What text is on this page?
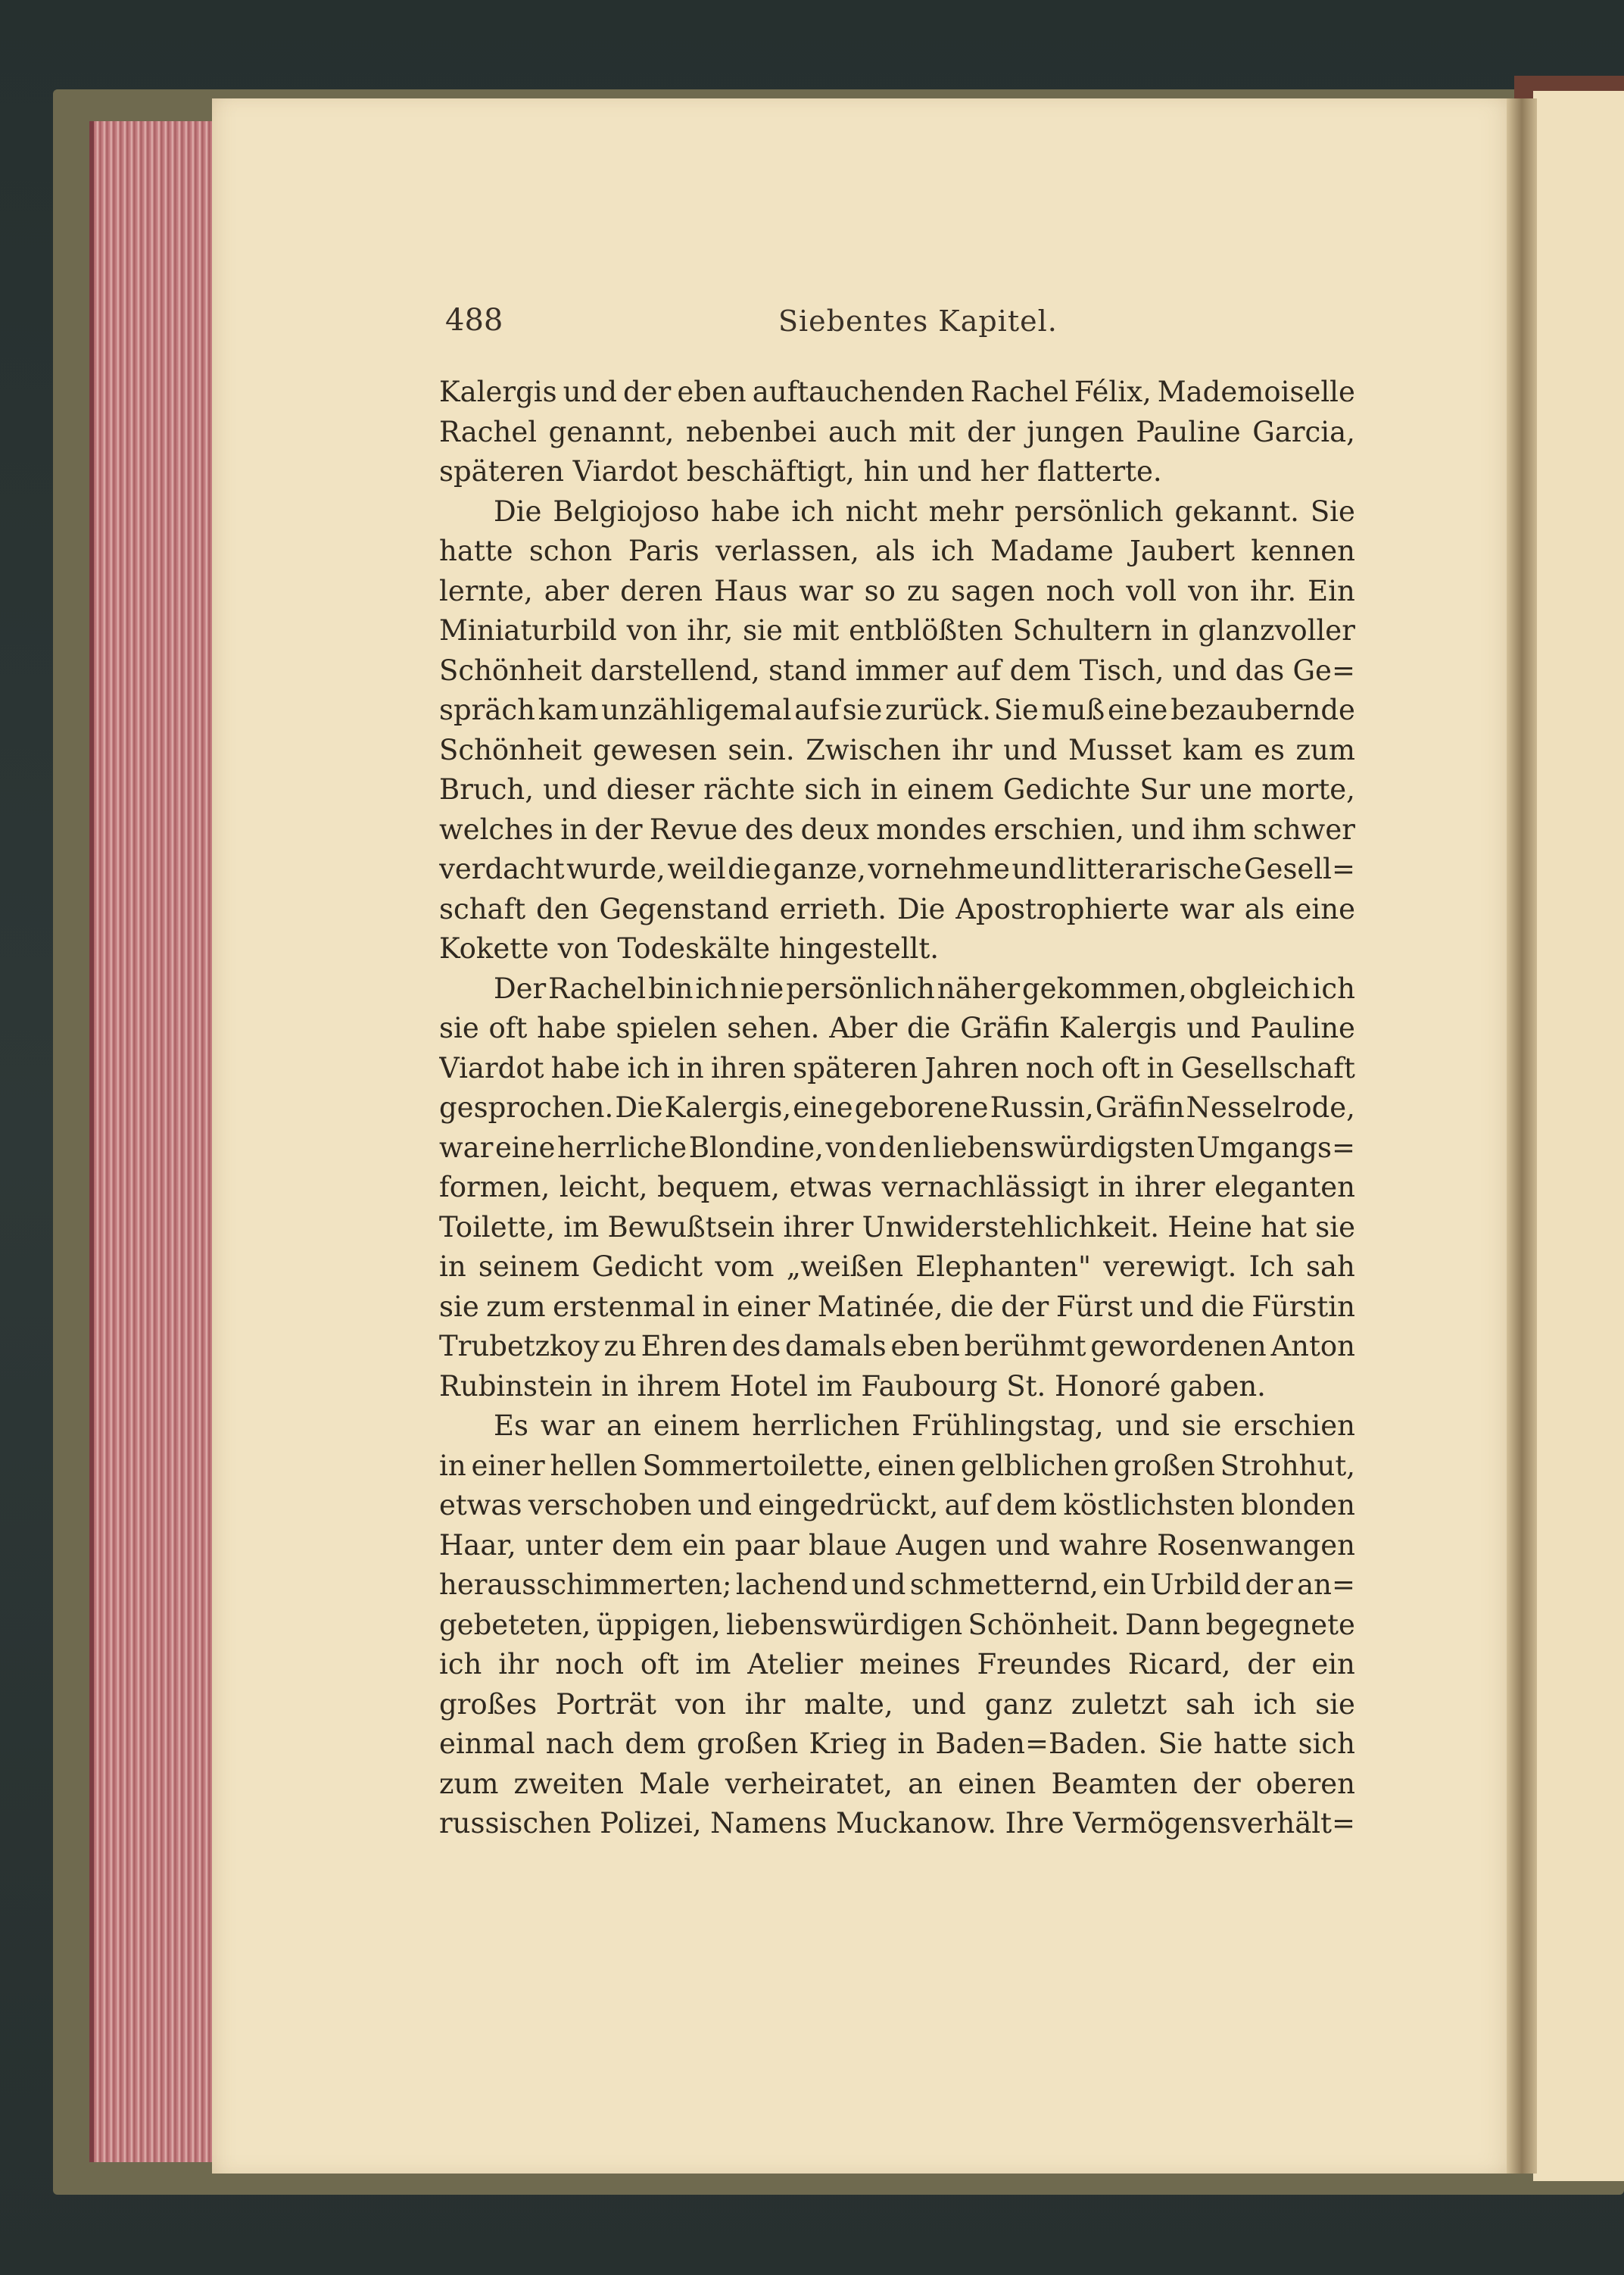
488	Siebentes Kapitel.
Kalergis und der eben auftauchenden Rachel Félix, Mademoiselle
Rachel genannt, nebenbei auch mit der jungen Pauline Garcia,
späteren Viardot beschäftigt, hin und her flatterte.
Die Belgiojoso habe ich nicht mehr persönlich gekannt. Sie
hatte schon Paris verlassen, als ich Madame Jaubert kennen
lernte, aber deren Haus war so zu sagen noch voll von ihr. Ein
Miniaturbild von ihr, sie mit entblößten Schultern in glanzvoller
Schönheit darstellend, stand immer auf dem Tisch, und das Ge=
spräch kam unzähligemal auf sie zurück. Sie muß eine bezaubernde
Schönheit gewesen sein. Zwischen ihr und Musset kam es zum
Bruch, und dieser rächte sich in einem Gedichte Sur une morte,
welches in der Revue des deux mondes erschien, und ihm schwer
verdacht wurde, weil die ganze, vornehme und litterarische Gesell=
schaft den Gegenstand errieth. Die Apostrophierte war als eine
Kokette von Todeskälte hingestellt.
Der Rachel bin ich nie persönlich näher gekommen, obgleich ich
sie oft habe spielen sehen. Aber die Gräfin Kalergis und Pauline
Viardot habe ich in ihren späteren Jahren noch oft in Gesellschaft
gesprochen. Die Kalergis, eine geborene Russin, Gräfin Nesselrode,
war eine herrliche Blondine, von den liebenswürdigsten Umgangs=
formen, leicht, bequem, etwas vernachlässigt in ihrer eleganten
Toilette, im Bewußtsein ihrer Unwiderstehlichkeit. Heine hat sie
in seinem Gedicht vom „weißen Elephanten" verewigt. Ich sah
sie zum erstenmal in einer Matinée, die der Fürst und die Fürstin
Trubetzkoy zu Ehren des damals eben berühmt gewordenen Anton
Rubinstein in ihrem Hotel im Faubourg St. Honoré gaben.
Es war an einem herrlichen Frühlingstag, und sie erschien
in einer hellen Sommertoilette, einen gelblichen großen Strohhut,
etwas verschoben und eingedrückt, auf dem köstlichsten blonden
Haar, unter dem ein paar blaue Augen und wahre Rosenwangen
herausschimmerten; lachend und schmetternd, ein Urbild der an=
gebeteten, üppigen, liebenswürdigen Schönheit. Dann begegnete
ich ihr noch oft im Atelier meines Freundes Ricard, der ein
großes Porträt von ihr malte, und ganz zuletzt sah ich sie
einmal nach dem großen Krieg in Baden=Baden. Sie hatte sich
zum zweiten Male verheiratet, an einen Beamten der oberen
russischen Polizei, Namens Muckanow. Ihre Vermögensverhält=
